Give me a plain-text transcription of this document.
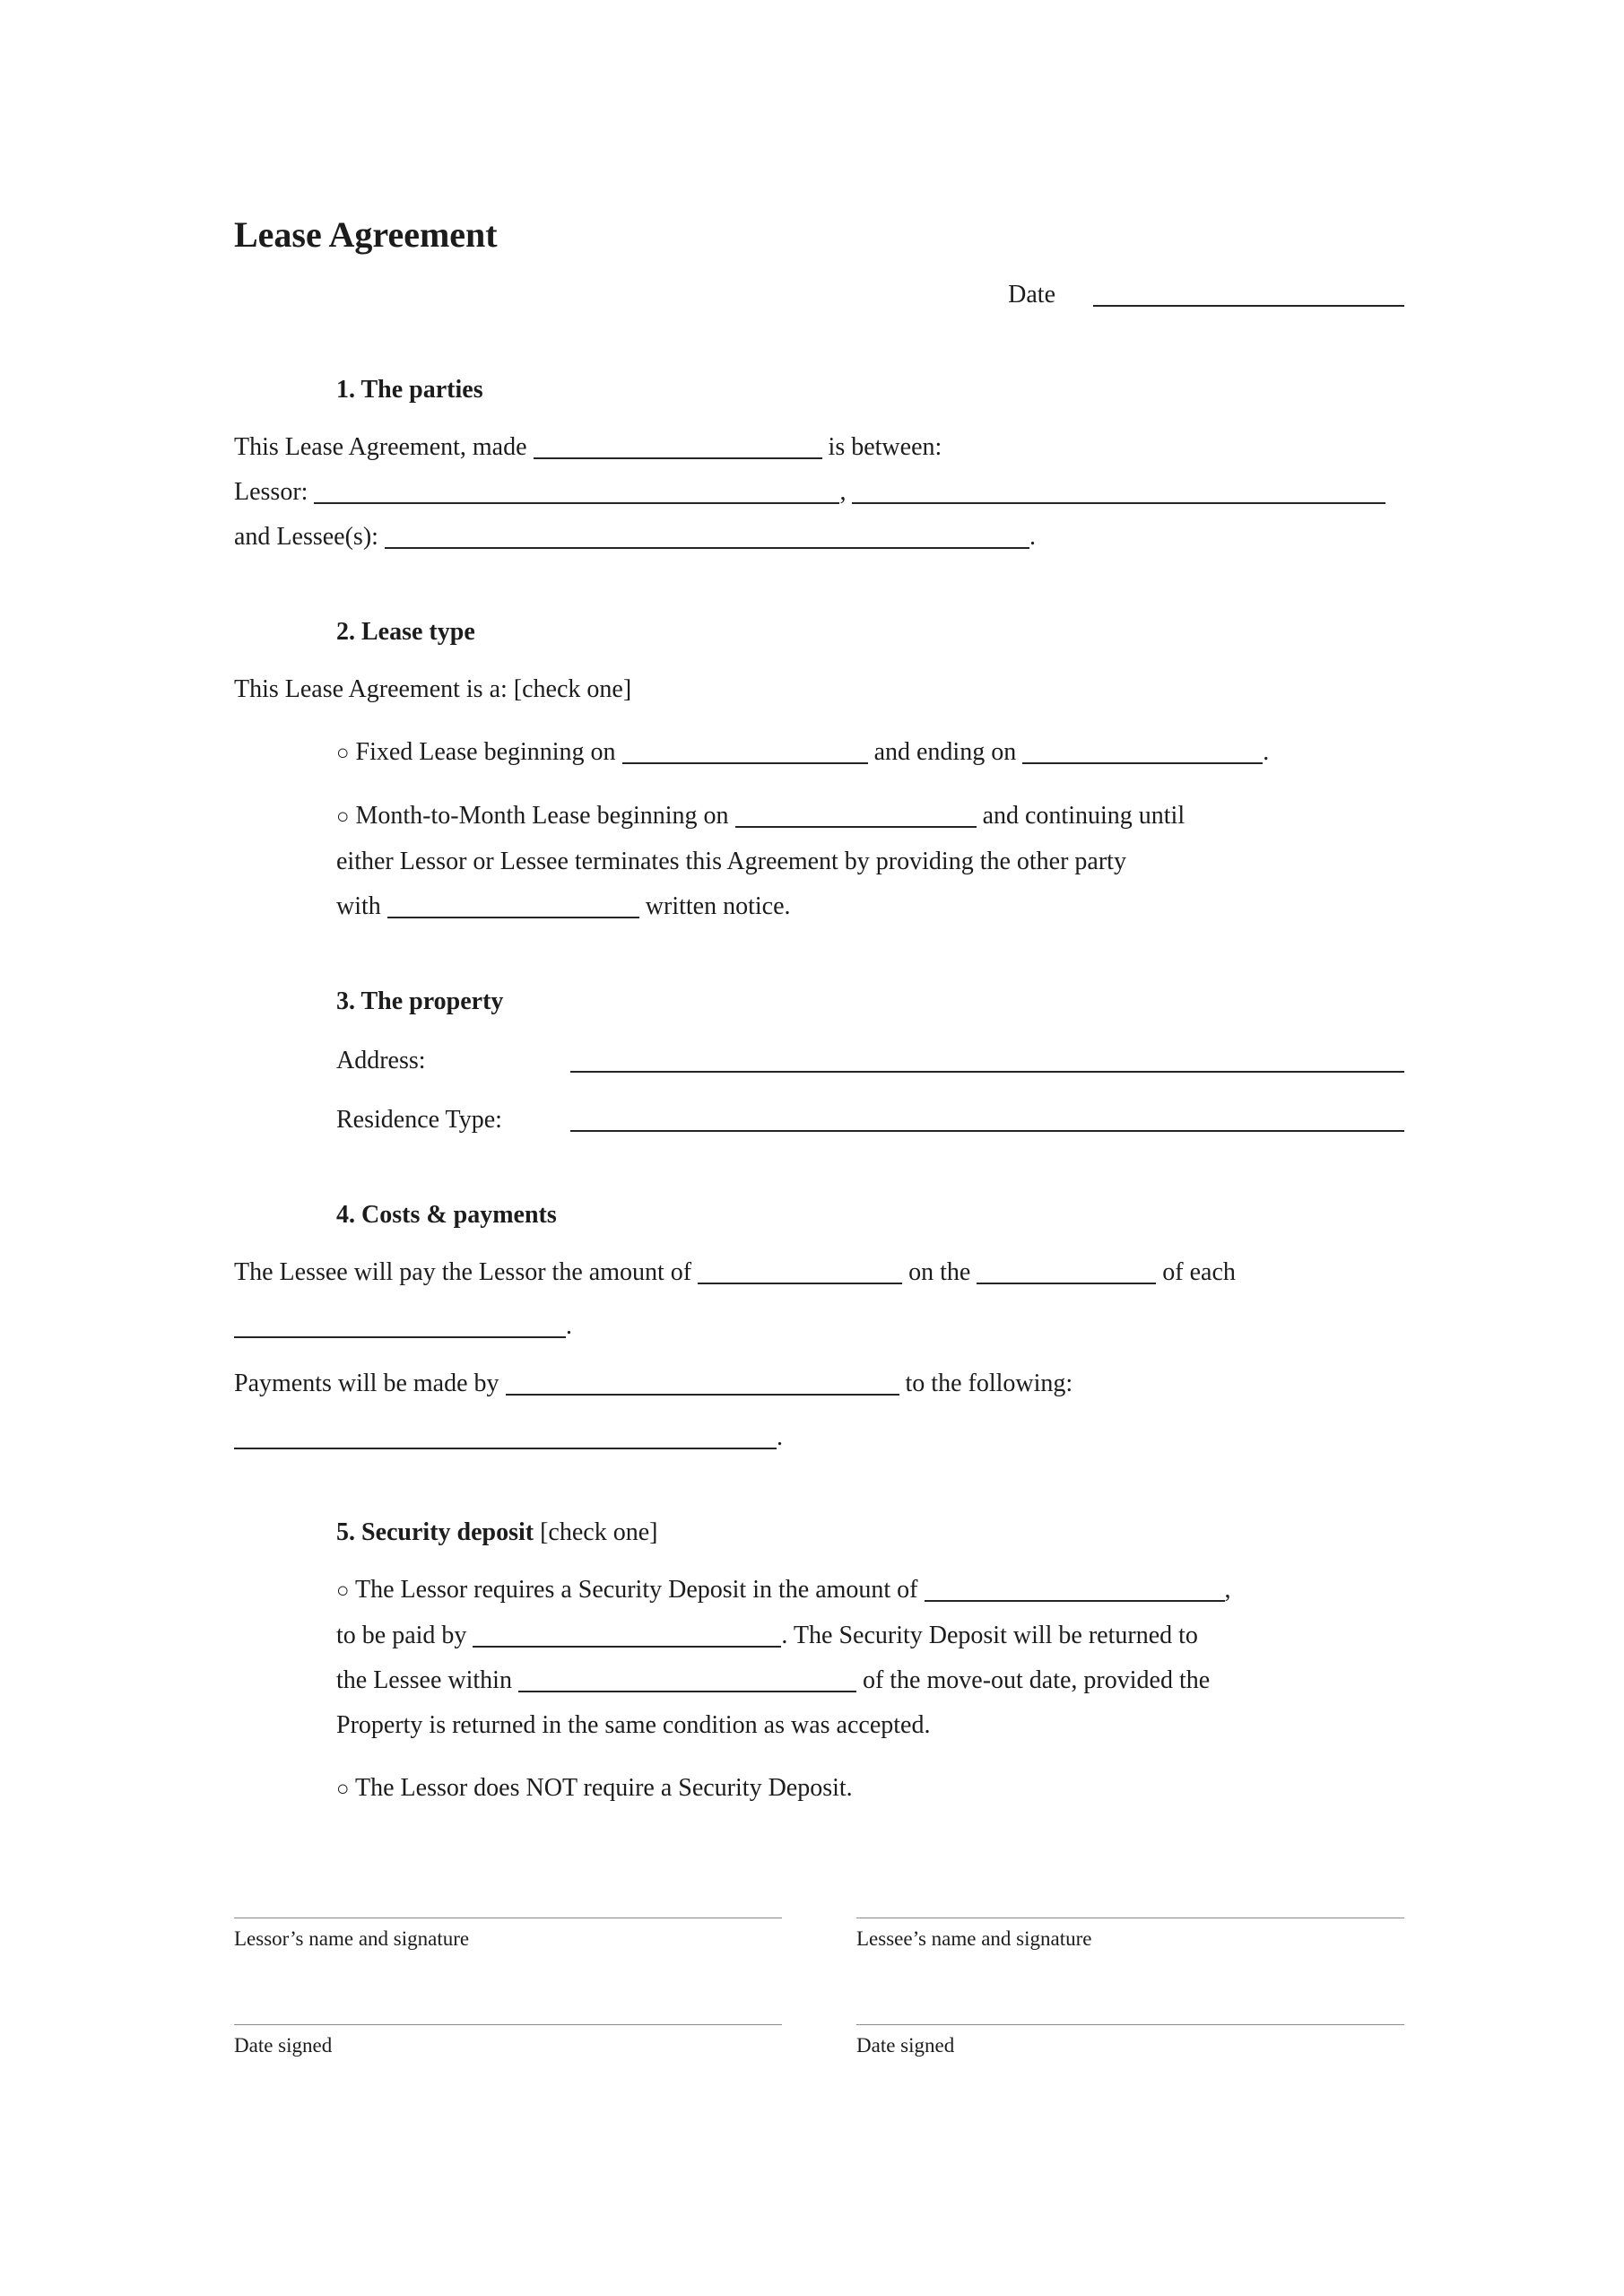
Lease Agreement
Date
1. The parties
This Lease Agreement, made	is between:
Lessor:	,
and Lessee(s):	.
2. Lease type
This Lease Agreement is a: [check one]
○ Fixed Lease beginning on	and ending on	.
○ Month-to-Month Lease beginning on	and continuing until
either Lessor or Lessee terminates this Agreement by providing the other party
with	written notice.
3. The property
Address:
Residence Type:
4. Costs & payments
The Lessee will pay the Lessor the amount of	on the	of each
.
Payments will be made by	to the following:
.
5. Security deposit [check one]
○ The Lessor requires a Security Deposit in the amount of	,
to be paid by	. The Security Deposit will be returned to
the Lessee within	of the move-out date, provided the
Property is returned in the same condition as was accepted.
○ The Lessor does NOT require a Security Deposit.
Lessor’s name and signature
Date signed
Lessee’s name and signature
Date signed
